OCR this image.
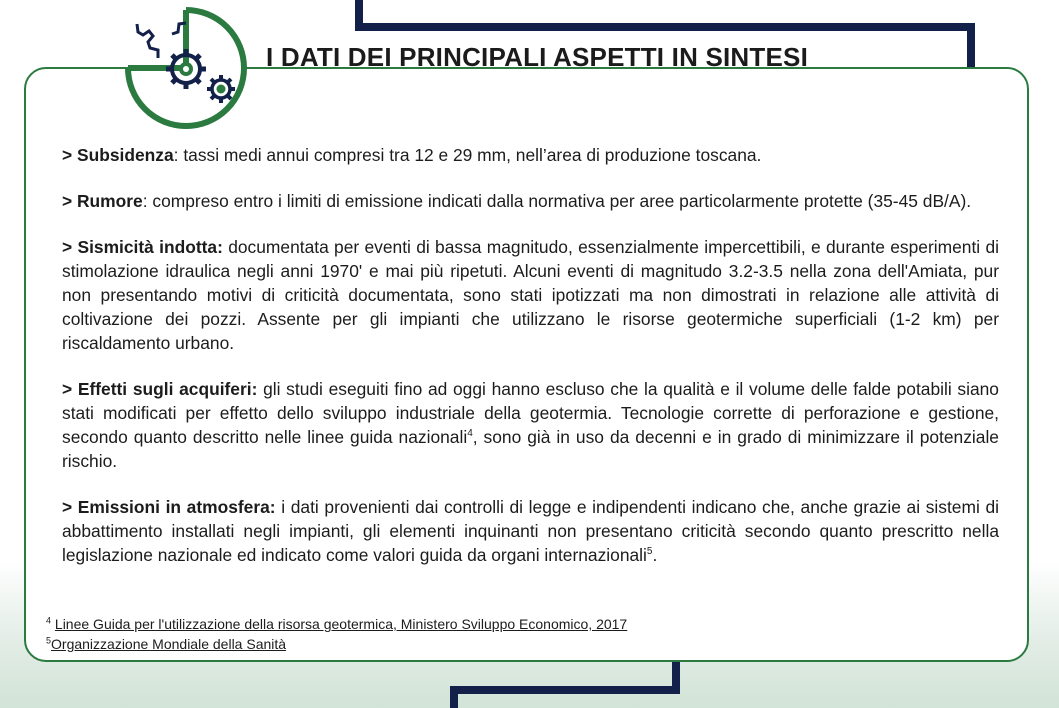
I DATI DEI PRINCIPALI ASPETTI IN SINTESI

> Subsidenza: tassi medi annui compresi tra 12 e 29 mm, nell’area di produzione toscana.

> Rumore: compreso entro i limiti di emissione indicati dalla normativa per aree particolarmente protette (35-45 dB/A).

> Sismicità indotta: documentata per eventi di bassa magnitudo, essenzialmente impercettibili, e durante esperimenti di stimolazione idraulica negli anni 1970' e mai più ripetuti. Alcuni eventi di magnitudo 3.2-3.5 nella zona dell'Amiata, pur non presentando motivi di criticità documentata, sono stati ipotizzati ma non dimostrati in relazione alle attività di coltivazione dei pozzi. Assente per gli impianti che utilizzano le risorse geotermiche superficiali (1-2 km) per riscaldamento urbano.

> Effetti sugli acquiferi: gli studi eseguiti fino ad oggi hanno escluso che la qualità e il volume delle falde potabili siano stati modificati per effetto dello sviluppo industriale della geotermia. Tecnologie corrette di perforazione e gestione, secondo quanto descritto nelle linee guida nazionali$^4$, sono già in uso da decenni e in grado di minimizzare il potenziale rischio.

> Emissioni in atmosfera: i dati provenienti dai controlli di legge e indipendenti indicano che, anche grazie ai sistemi di abbattimento installati negli impianti, gli elementi inquinanti non presentano criticità secondo quanto prescritto nella legislazione nazionale ed indicato come valori guida da organi internazionali$^5$.

$^4$ Linee Guida per l'utilizzazione della risorsa geotermica, Ministero Sviluppo Economico, 2017
$^5$Organizzazione Mondiale della Sanità
